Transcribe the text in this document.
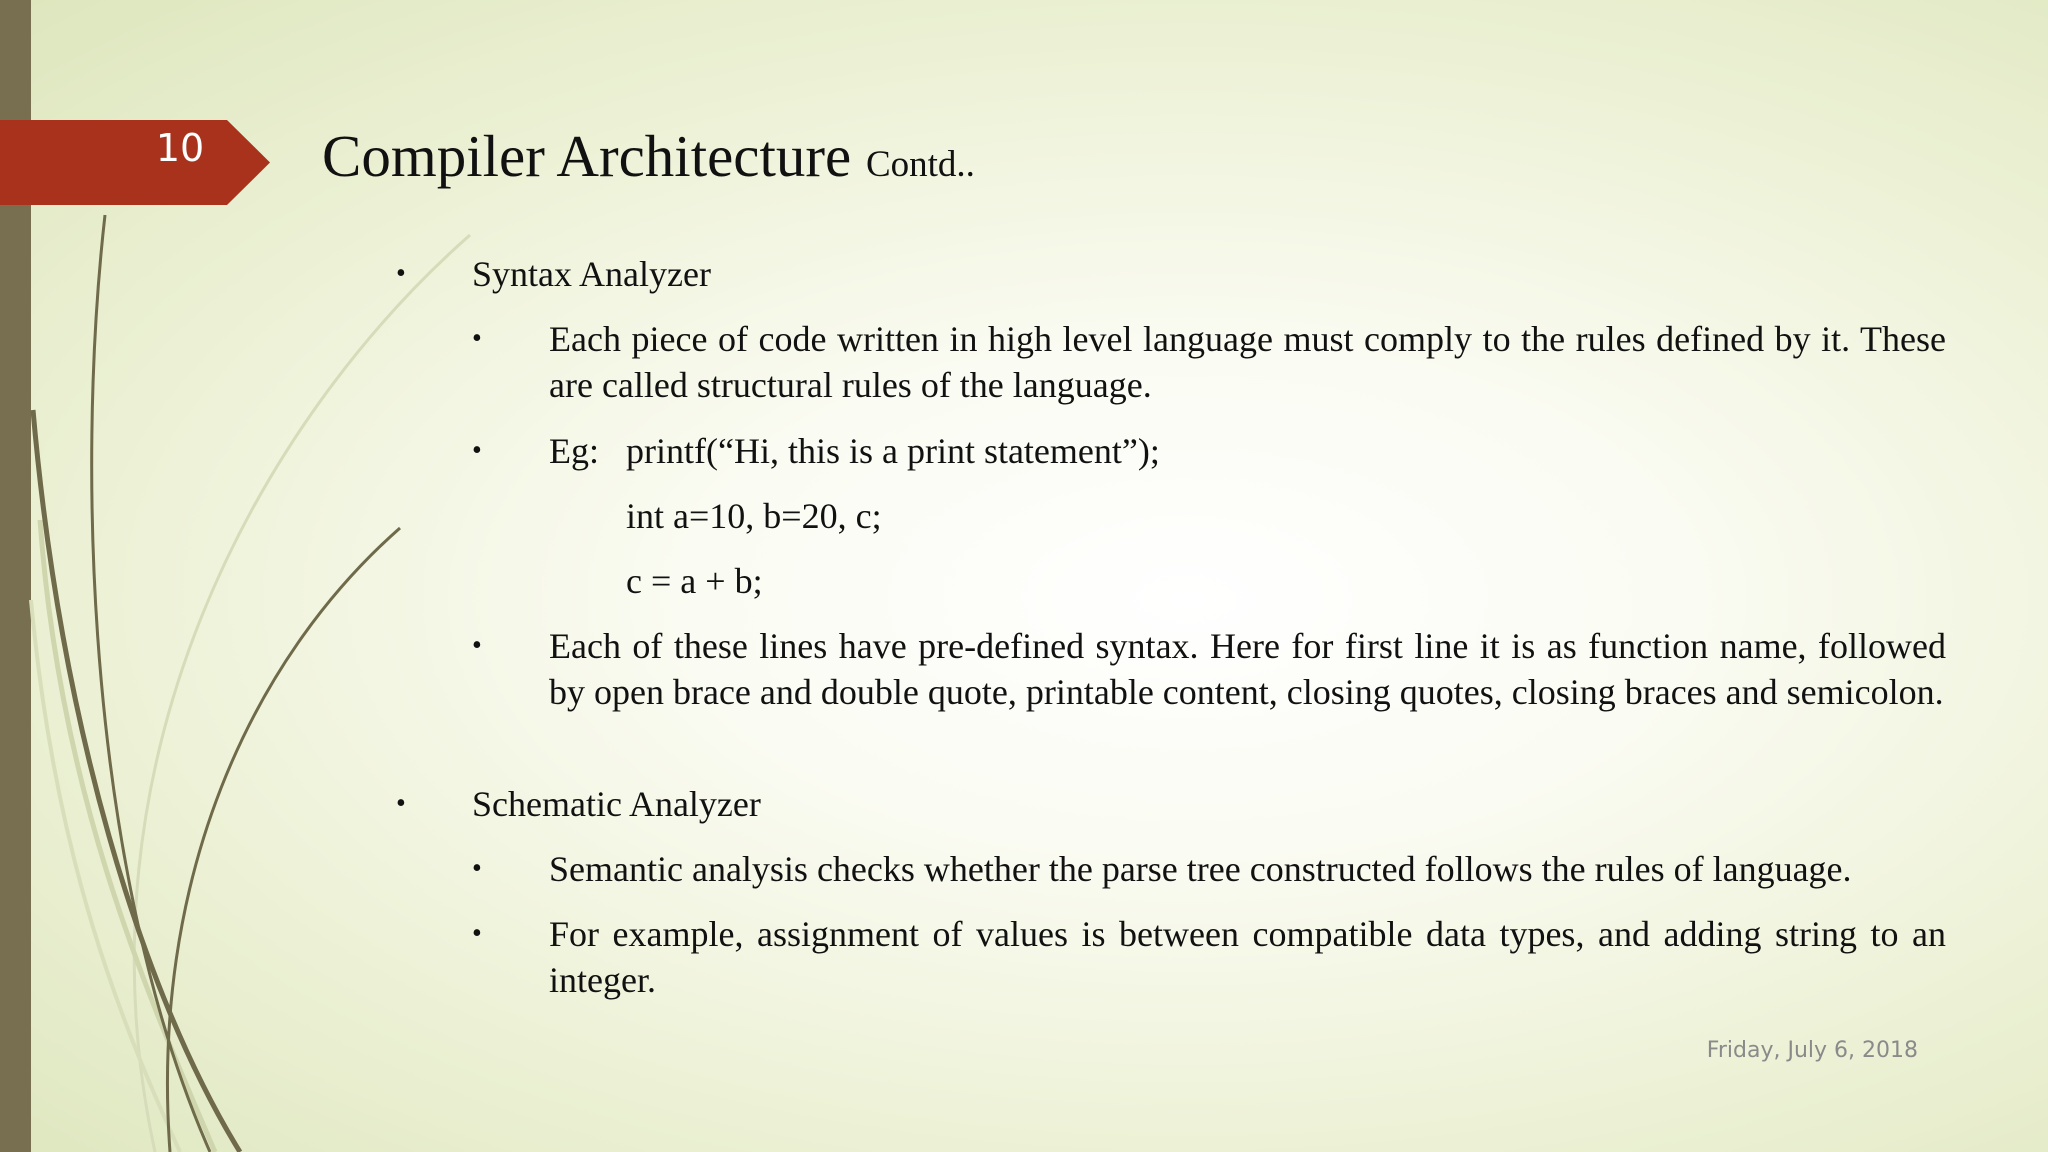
10	Compiler Architecture Contd..
• Syntax Analyzer
• Each piece of code written in high level language must comply to the rules defined by it. These are called structural rules of the language.
• Eg: printf(“Hi, this is a print statement”);
int a=10, b=20, c;
c = a + b;
• Each of these lines have pre-defined syntax. Here for first line it is as function name, followed by open brace and double quote, printable content, closing quotes, closing braces and semicolon.
• Schematic Analyzer
• Semantic analysis checks whether the parse tree constructed follows the rules of language.
• For example, assignment of values is between compatible data types, and adding string to an integer.
Friday, July 6, 2018
